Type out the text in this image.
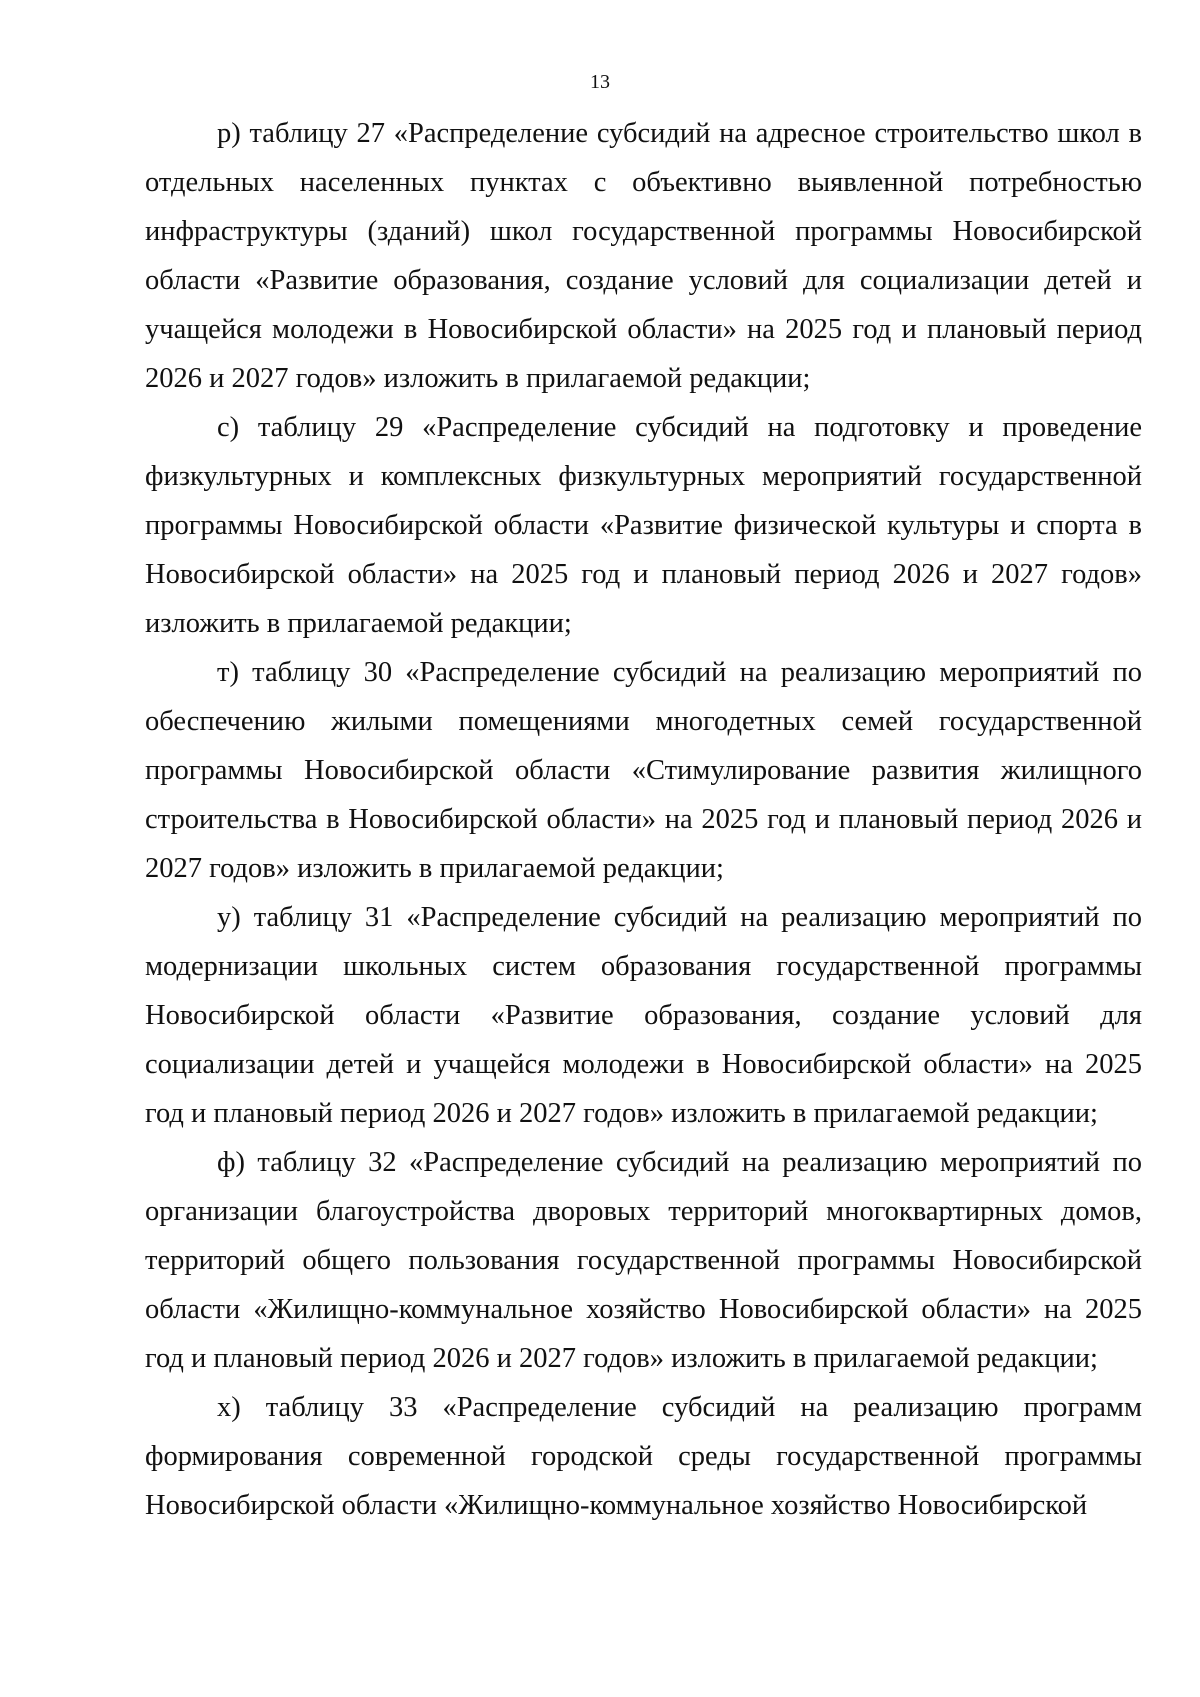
13

р) таблицу 27 «Распределение субсидий на адресное строительство школ в отдельных населенных пунктах с объективно выявленной потребностью инфраструктуры (зданий) школ государственной программы Новосибирской области «Развитие образования, создание условий для социализации детей и учащейся молодежи в Новосибирской области» на 2025 год и плановый период 2026 и 2027 годов» изложить в прилагаемой редакции;

с) таблицу 29 «Распределение субсидий на подготовку и проведение физкультурных и комплексных физкультурных мероприятий государственной программы Новосибирской области «Развитие физической культуры и спорта в Новосибирской области» на 2025 год и плановый период 2026 и 2027 годов» изложить в прилагаемой редакции;

т) таблицу 30 «Распределение субсидий на реализацию мероприятий по обеспечению жилыми помещениями многодетных семей государственной программы Новосибирской области «Стимулирование развития жилищного строительства в Новосибирской области» на 2025 год и плановый период 2026 и 2027 годов» изложить в прилагаемой редакции;

у) таблицу 31 «Распределение субсидий на реализацию мероприятий по модернизации школьных систем образования государственной программы Новосибирской области «Развитие образования, создание условий для социализации детей и учащейся молодежи в Новосибирской области» на 2025 год и плановый период 2026 и 2027 годов» изложить в прилагаемой редакции;

ф) таблицу 32 «Распределение субсидий на реализацию мероприятий по организации благоустройства дворовых территорий многоквартирных домов, территорий общего пользования государственной программы Новосибирской области «Жилищно-коммунальное хозяйство Новосибирской области» на 2025 год и плановый период 2026 и 2027 годов» изложить в прилагаемой редакции;

х) таблицу 33 «Распределение субсидий на реализацию программ формирования современной городской среды государственной программы Новосибирской области «Жилищно-коммунальное хозяйство Новосибирской
